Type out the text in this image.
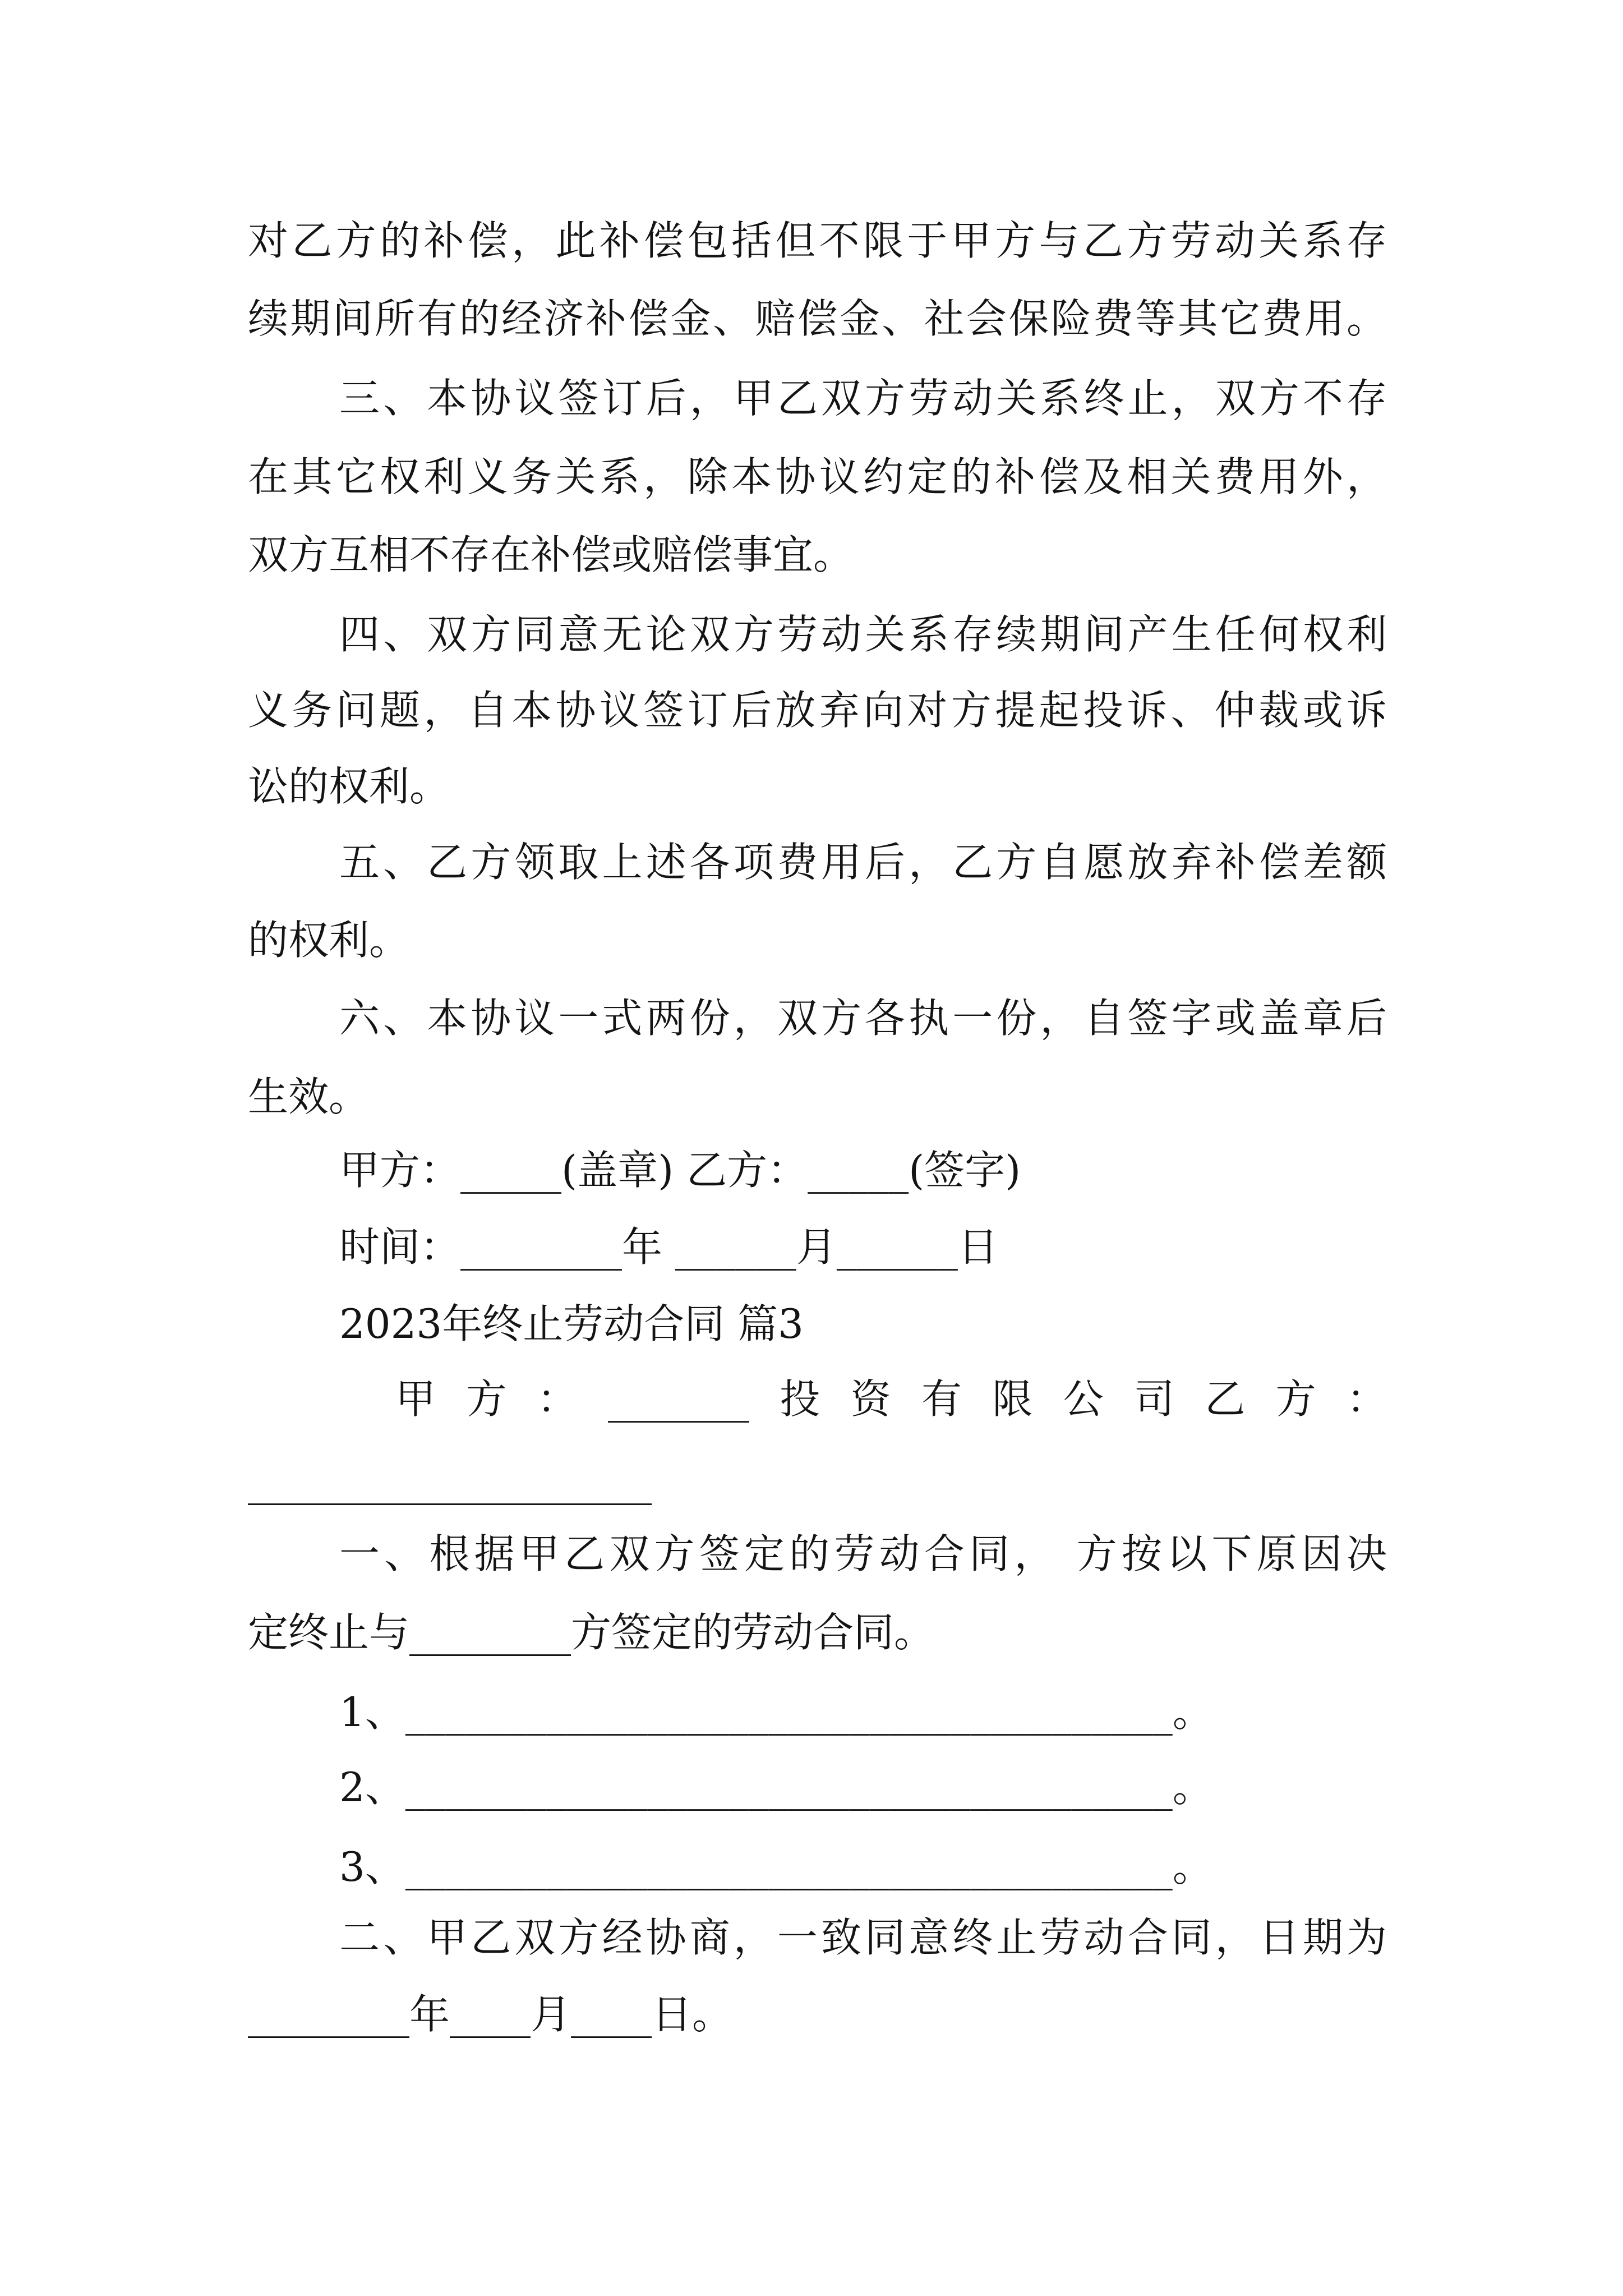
对乙方的补偿，此补偿包括但不限于甲方与乙方劳动关系存
续期间所有的经济补偿金、赔偿金、社会保险费等其它费用。
三、本协议签订后，甲乙双方劳动关系终止，双方不存
在其它权利义务关系，除本协议约定的补偿及相关费用外，
双方互相不存在补偿或赔偿事宜。
四、双方同意无论双方劳动关系存续期间产生任何权利
义务问题，自本协议签订后放弃向对方提起投诉、仲裁或诉
讼的权利。
五、乙方领取上述各项费用后，乙方自愿放弃补偿差额
的权利。
六、本协议一式两份，双方各执一份，自签字或盖章后
生效。
甲方：_____(盖章) 乙方：_____(签字)
时间：________年 ______月______日
2023年终止劳动合同 篇3
甲方：_______投资有限公司乙方：
____________________
一、根据甲乙双方签定的劳动合同， 方按以下原因决
定终止与________方签定的劳动合同。
1、______________________________________。
2、______________________________________。
3、______________________________________。
二、甲乙双方经协商，一致同意终止劳动合同，日期为
________年____月____日。
